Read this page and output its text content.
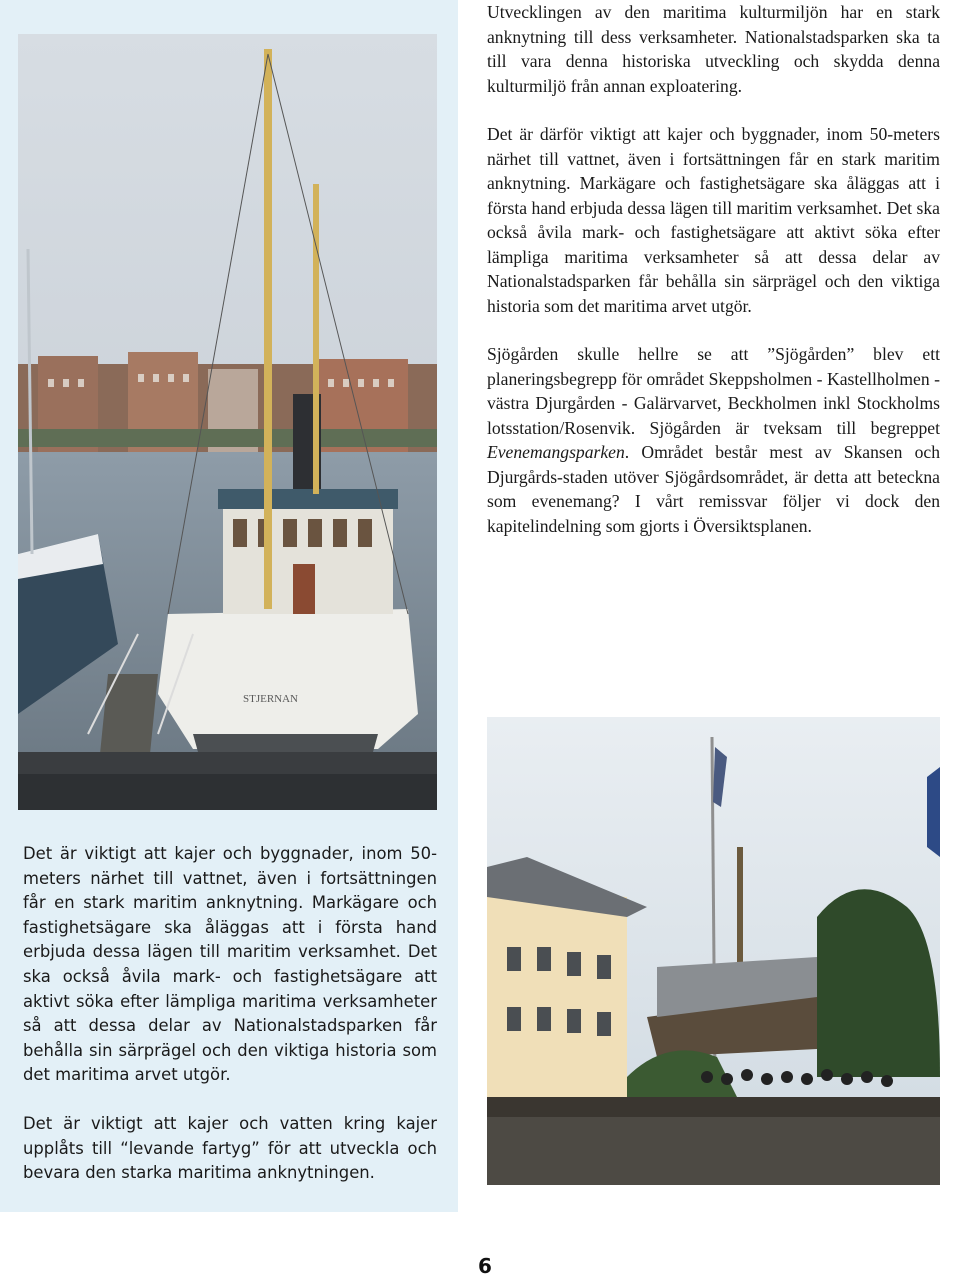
STJERNAN

Utvecklingen av den maritima kulturmiljön har en stark anknytning till dess verksamheter. Nationalstadsparken ska ta till vara denna historiska utveckling och skydda denna kulturmiljö från annan exploatering.

Det är därför viktigt att kajer och byggnader, inom 50-meters närhet till vattnet, även i fortsättningen får en stark maritim anknytning. Markägare och fastighetsägare ska åläggas att i första hand erbjuda dessa lägen till maritim verksamhet. Det ska också åvila mark- och fastighetsägare att aktivt söka efter lämpliga maritima verksamheter så att dessa delar av Nationalstadsparken får behålla sin särprägel och den viktiga historia som det maritima arvet utgör.

Sjögården skulle hellre se att ”Sjögården” blev ett planeringsbegrepp för området Skeppsholmen - Kastellholmen - västra Djurgården - Galärvarvet, Beckholmen inkl Stockholms lotsstation/Rosenvik. Sjögården är tveksam till begreppet Evenemangsparken. Området består mest av Skansen och Djurgårds-staden utöver Sjögårdsområdet, är detta att beteckna som evenemang? I vårt remissvar följer vi dock den kapitelindelning som gjorts i Översiktsplanen.

Det är viktigt att kajer och byggnader, inom 50-meters närhet till vattnet, även i fortsättningen får en stark maritim anknytning. Markägare och fastighetsägare ska åläggas att i första hand erbjuda dessa lägen till maritim verksamhet. Det ska också åvila mark- och fastighetsägare att aktivt söka efter lämpliga maritima verksamheter så att dessa delar av Nationalstadsparken får behålla sin särprägel och den viktiga historia som det maritima arvet utgör.

Det är viktigt att kajer och vatten kring kajer upplåts till “levande fartyg” för att utveckla och bevara den starka maritima anknytningen.

6
